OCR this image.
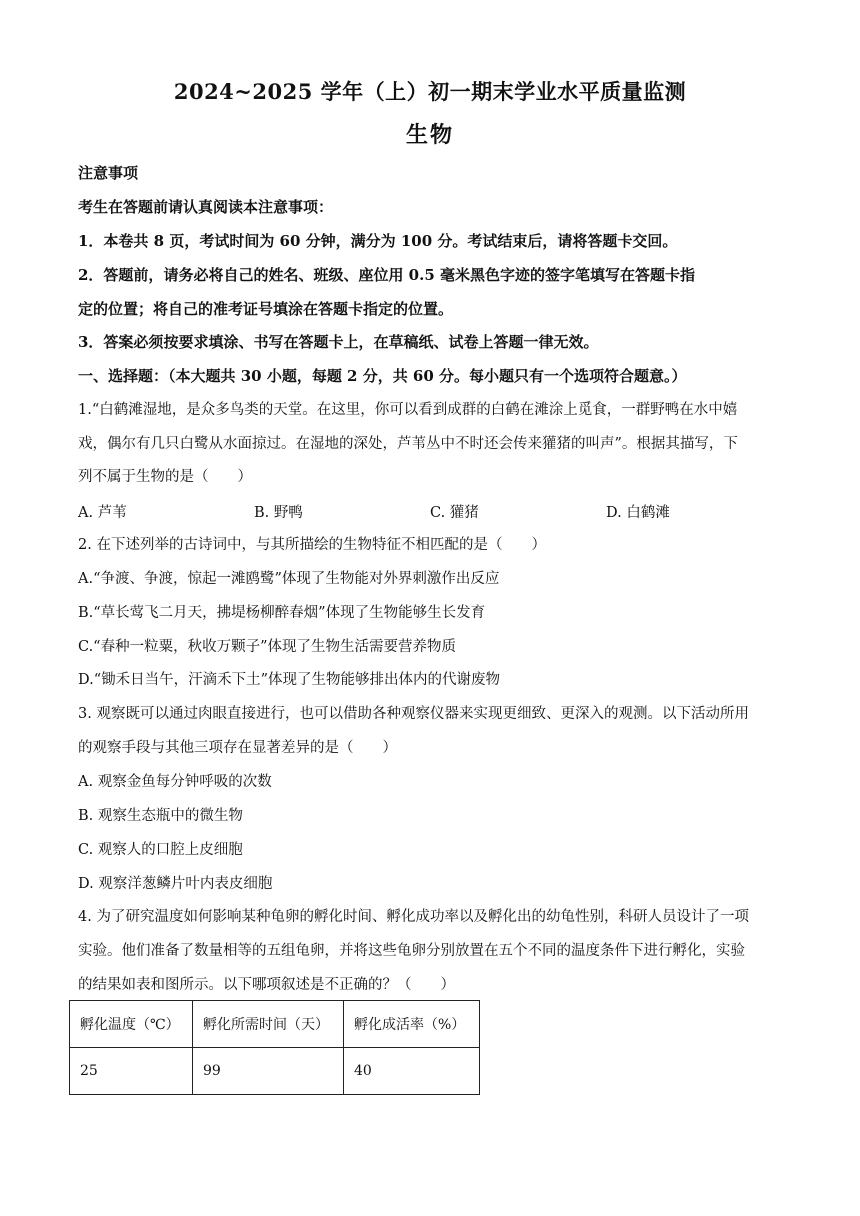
2024~2025 学年（上）初一期末学业水平质量监测
生物
注意事项
考生在答题前请认真阅读本注意事项：
1．本卷共 8 页，考试时间为 60 分钟，满分为 100 分。考试结束后，请将答题卡交回。
2．答题前，请务必将自己的姓名、班级、座位用 0.5 毫米黑色字迹的签字笔填写在答题卡指
定的位置；将自己的准考证号填涂在答题卡指定的位置。
3．答案必须按要求填涂、书写在答题卡上，在草稿纸、试卷上答题一律无效。
一、选择题：（本大题共 30 小题，每题 2 分，共 60 分。每小题只有一个选项符合题意。）
1.“白鹤滩湿地，是众多鸟类的天堂。在这里，你可以看到成群的白鹤在滩涂上觅食，一群野鸭在水中嬉
戏，偶尔有几只白鹭从水面掠过。在湿地的深处，芦苇丛中不时还会传来獾猪的叫声”。根据其描写，下
列不属于生物的是（　　）
A. 芦苇	B. 野鸭	C. 獾猪	D. 白鹤滩
2. 在下述列举的古诗词中，与其所描绘的生物特征不相匹配的是（　　）
A.“争渡、争渡，惊起一滩鸥鹭”体现了生物能对外界刺激作出反应
B.“草长莺飞二月天，拂堤杨柳醉春烟”体现了生物能够生长发育
C.“春种一粒粟，秋收万颗子”体现了生物生活需要营养物质
D.“锄禾日当午，汗滴禾下土”体现了生物能够排出体内的代谢废物
3. 观察既可以通过肉眼直接进行，也可以借助各种观察仪器来实现更细致、更深入的观测。以下活动所用
的观察手段与其他三项存在显著差异的是（　　）
A. 观察金鱼每分钟呼吸的次数
B. 观察生态瓶中的微生物
C. 观察人的口腔上皮细胞
D. 观察洋葱鳞片叶内表皮细胞
4. 为了研究温度如何影响某种龟卵的孵化时间、孵化成功率以及孵化出的幼龟性别，科研人员设计了一项
实验。他们准备了数量相等的五组龟卵，并将这些龟卵分别放置在五个不同的温度条件下进行孵化，实验
的结果如表和图所示。以下哪项叙述是不正确的？（　　）
孵化温度（℃）	孵化所需时间（天）	孵化成活率（%）
25	99	40
